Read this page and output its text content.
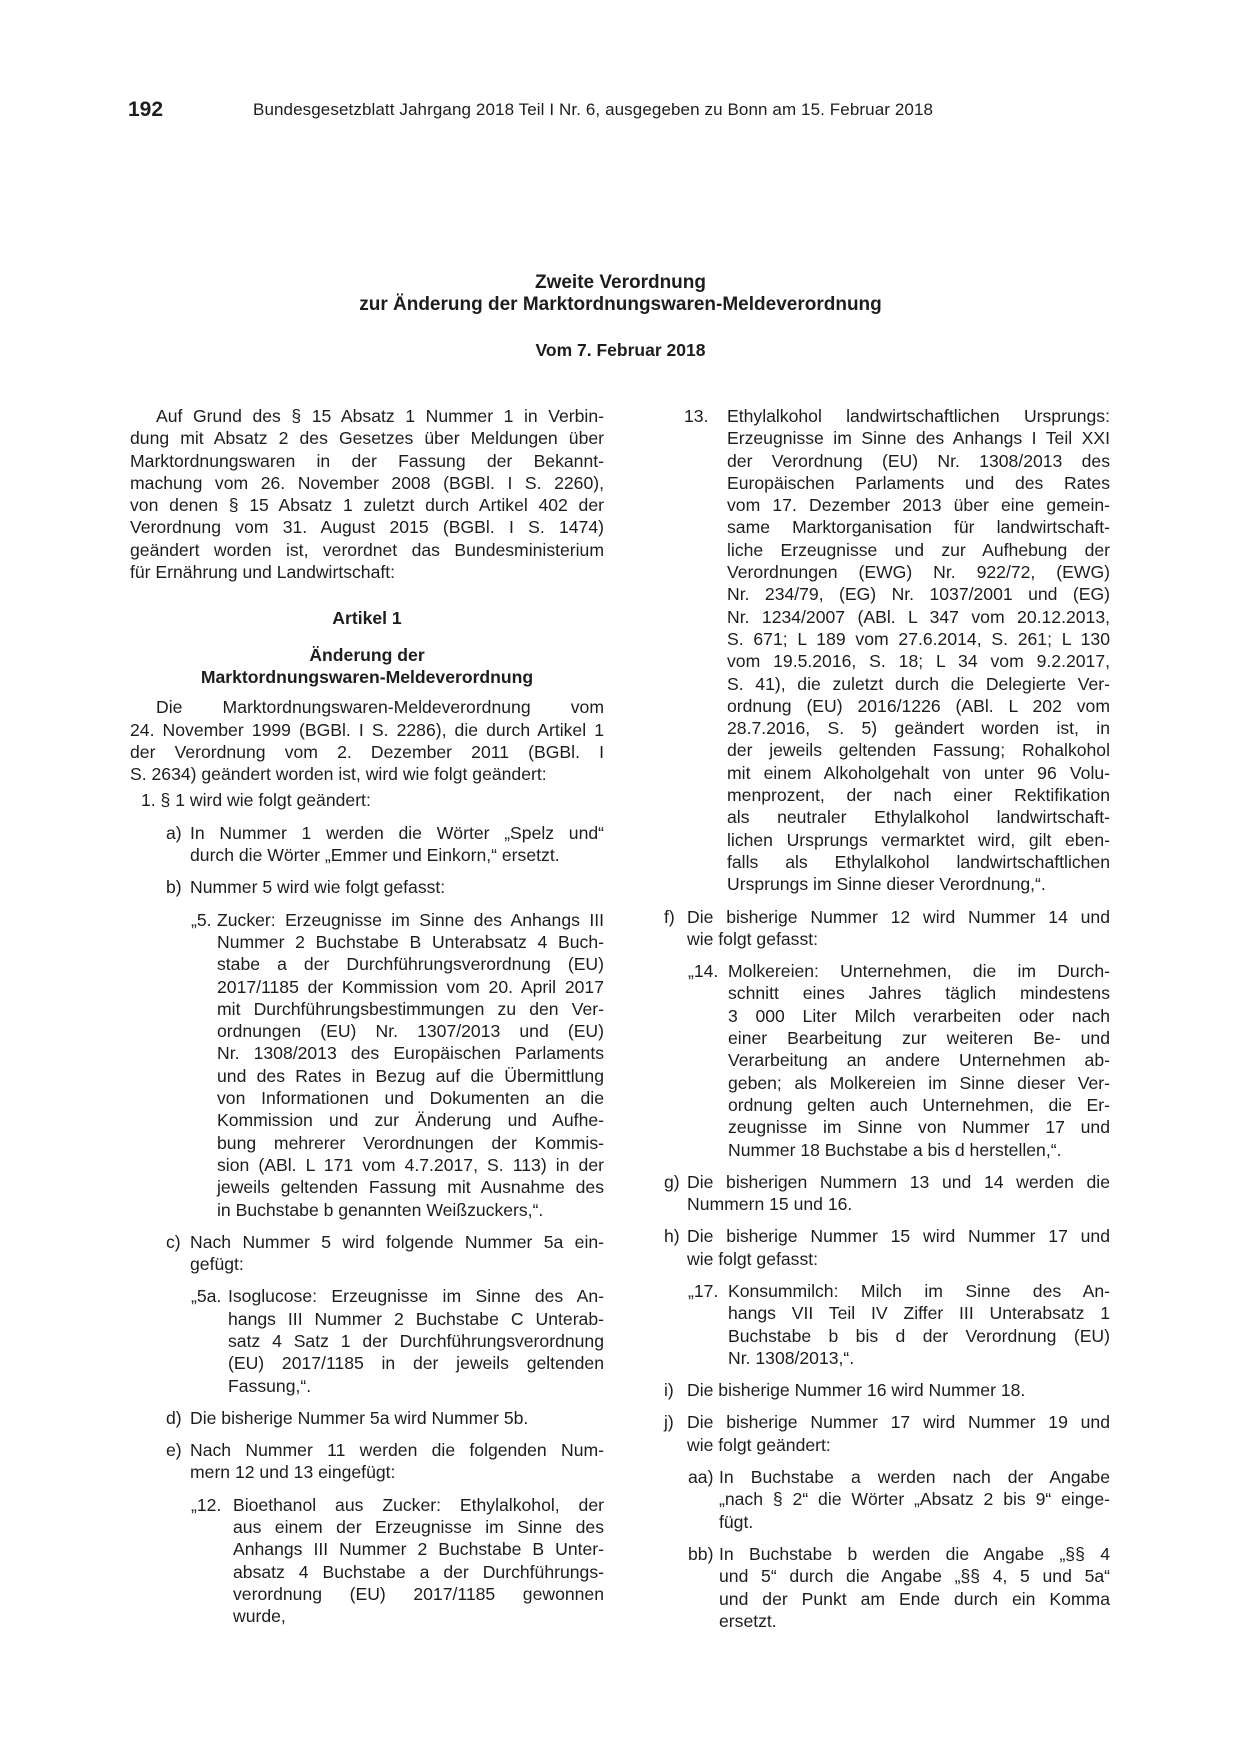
192	Bundesgesetzblatt Jahrgang 2018 Teil I Nr. 6, ausgegeben zu Bonn am 15. Februar 2018
Zweite Verordnung
zur Änderung der Marktordnungswaren-Meldeverordnung
Vom 7. Februar 2018
Auf Grund des § 15 Absatz 1 Nummer 1 in Verbin-
dung mit Absatz 2 des Gesetzes über Meldungen über
Marktordnungswaren in der Fassung der Bekannt-
machung vom 26. November 2008 (BGBl. I S. 2260),
von denen § 15 Absatz 1 zuletzt durch Artikel 402 der
Verordnung vom 31. August 2015 (BGBl. I S. 1474)
geändert worden ist, verordnet das Bundesministerium
für Ernährung und Landwirtschaft:
Artikel 1
Änderung der
Marktordnungswaren-Meldeverordnung
Die Marktordnungswaren-Meldeverordnung vom
24. November 1999 (BGBl. I S. 2286), die durch Artikel 1
der Verordnung vom 2. Dezember 2011 (BGBl. I
S. 2634) geändert worden ist, wird wie folgt geändert:
1. § 1 wird wie folgt geändert:
a) In Nummer 1 werden die Wörter „Spelz und“
durch die Wörter „Emmer und Einkorn,“ ersetzt.
b) Nummer 5 wird wie folgt gefasst:
„5. Zucker: Erzeugnisse im Sinne des Anhangs III
Nummer 2 Buchstabe B Unterabsatz 4 Buch-
stabe a der Durchführungsverordnung (EU)
2017/1185 der Kommission vom 20. April 2017
mit Durchführungsbestimmungen zu den Ver-
ordnungen (EU) Nr. 1307/2013 und (EU)
Nr. 1308/2013 des Europäischen Parlaments
und des Rates in Bezug auf die Übermittlung
von Informationen und Dokumenten an die
Kommission und zur Änderung und Aufhe-
bung mehrerer Verordnungen der Kommis-
sion (ABl. L 171 vom 4.7.2017, S. 113) in der
jeweils geltenden Fassung mit Ausnahme des
in Buchstabe b genannten Weißzuckers,“.
c) Nach Nummer 5 wird folgende Nummer 5a ein-
gefügt:
„5a. Isoglucose: Erzeugnisse im Sinne des An-
hangs III Nummer 2 Buchstabe C Unterab-
satz 4 Satz 1 der Durchführungsverordnung
(EU) 2017/1185 in der jeweils geltenden
Fassung,“.
d) Die bisherige Nummer 5a wird Nummer 5b.
e) Nach Nummer 11 werden die folgenden Num-
mern 12 und 13 eingefügt:
„12. Bioethanol aus Zucker: Ethylalkohol, der
aus einem der Erzeugnisse im Sinne des
Anhangs III Nummer 2 Buchstabe B Unter-
absatz 4 Buchstabe a der Durchführungs-
verordnung (EU) 2017/1185 gewonnen
wurde,
13.	Ethylalkohol landwirtschaftlichen Ursprungs:
Erzeugnisse im Sinne des Anhangs I Teil XXI
der Verordnung (EU) Nr. 1308/2013 des
Europäischen Parlaments und des Rates
vom 17. Dezember 2013 über eine gemein-
same Marktorganisation für landwirtschaft-
liche Erzeugnisse und zur Aufhebung der
Verordnungen (EWG) Nr. 922/72, (EWG)
Nr. 234/79, (EG) Nr. 1037/2001 und (EG)
Nr. 1234/2007 (ABl. L 347 vom 20.12.2013,
S. 671; L 189 vom 27.6.2014, S. 261; L 130
vom 19.5.2016, S. 18; L 34 vom 9.2.2017,
S. 41), die zuletzt durch die Delegierte Ver-
ordnung (EU) 2016/1226 (ABl. L 202 vom
28.7.2016, S. 5) geändert worden ist, in
der jeweils geltenden Fassung; Rohalkohol
mit einem Alkoholgehalt von unter 96 Volu-
menprozent, der nach einer Rektifikation
als neutraler Ethylalkohol landwirtschaft-
lichen Ursprungs vermarktet wird, gilt eben-
falls als Ethylalkohol landwirtschaftlichen
Ursprungs im Sinne dieser Verordnung,“.
f) Die bisherige Nummer 12 wird Nummer 14 und
wie folgt gefasst:
„14. Molkereien: Unternehmen, die im Durch-
schnitt eines Jahres täglich mindestens
3 000 Liter Milch verarbeiten oder nach
einer Bearbeitung zur weiteren Be- und
Verarbeitung an andere Unternehmen ab-
geben; als Molkereien im Sinne dieser Ver-
ordnung gelten auch Unternehmen, die Er-
zeugnisse im Sinne von Nummer 17 und
Nummer 18 Buchstabe a bis d herstellen,“.
g) Die bisherigen Nummern 13 und 14 werden die
Nummern 15 und 16.
h) Die bisherige Nummer 15 wird Nummer 17 und
wie folgt gefasst:
„17. Konsummilch: Milch im Sinne des An-
hangs VII Teil IV Ziffer III Unterabsatz 1
Buchstabe b bis d der Verordnung (EU)
Nr. 1308/2013,“.
i) Die bisherige Nummer 16 wird Nummer 18.
j) Die bisherige Nummer 17 wird Nummer 19 und
wie folgt geändert:
aa) In Buchstabe a werden nach der Angabe
„nach § 2“ die Wörter „Absatz 2 bis 9“ einge-
fügt.
bb) In Buchstabe b werden die Angabe „§§ 4
und 5“ durch die Angabe „§§ 4, 5 und 5a“
und der Punkt am Ende durch ein Komma
ersetzt.
